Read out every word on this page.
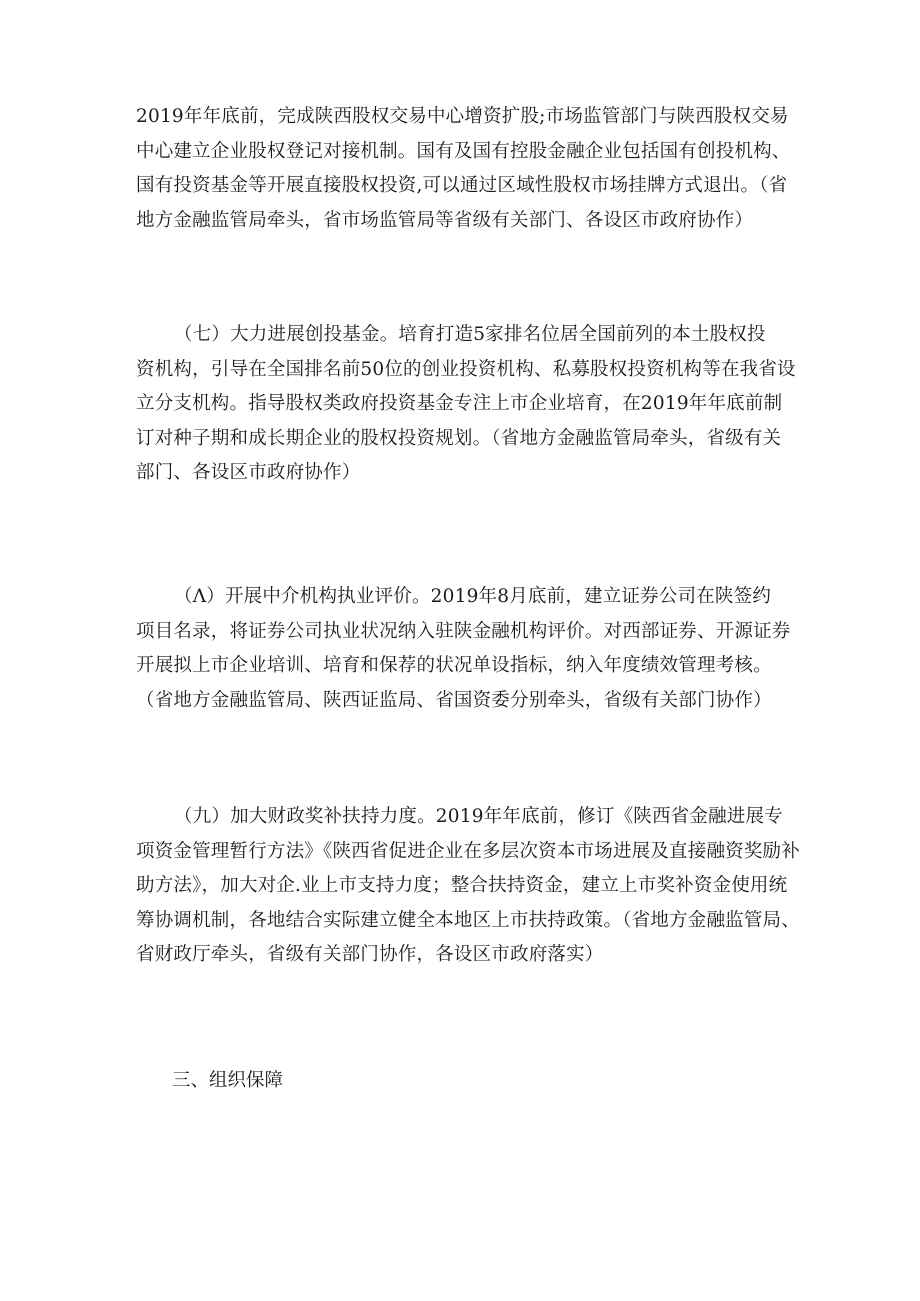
2019年年底前，完成陕西股权交易中心增资扩股;市场监管部门与陕西股权交易
中心建立企业股权登记对接机制。国有及国有控股金融企业包括国有创投机构、
国有投资基金等开展直接股权投资,可以通过区域性股权市场挂牌方式退出。（省
地方金融监管局牵头，省市场监管局等省级有关部门、各设区市政府协作）
（七）大力进展创投基金。培育打造5家排名位居全国前列的本土股权投
资机构，引导在全国排名前50位的创业投资机构、私募股权投资机构等在我省设
立分支机构。指导股权类政府投资基金专注上市企业培育，在2019年年底前制
订对种子期和成长期企业的股权投资规划。（省地方金融监管局牵头，省级有关
部门、各设区市政府协作）
（Λ）开展中介机构执业评价。2019年8月底前，建立证券公司在陕签约
项目名录，将证券公司执业状况纳入驻陕金融机构评价。对西部证券、开源证券
开展拟上市企业培训、培育和保荐的状况单设指标，纳入年度绩效管理考核。
（省地方金融监管局、陕西证监局、省国资委分别牵头，省级有关部门协作）
（九）加大财政奖补扶持力度。2019年年底前，修订《陕西省金融进展专
项资金管理暂行方法》《陕西省促进企业在多层次资本市场进展及直接融资奖励补
助方法》，加大对企.业上市支持力度；整合扶持资金，建立上市奖补资金使用统
筹协调机制，各地结合实际建立健全本地区上市扶持政策。（省地方金融监管局、
省财政厅牵头，省级有关部门协作，各设区市政府落实）
三、组织保障
